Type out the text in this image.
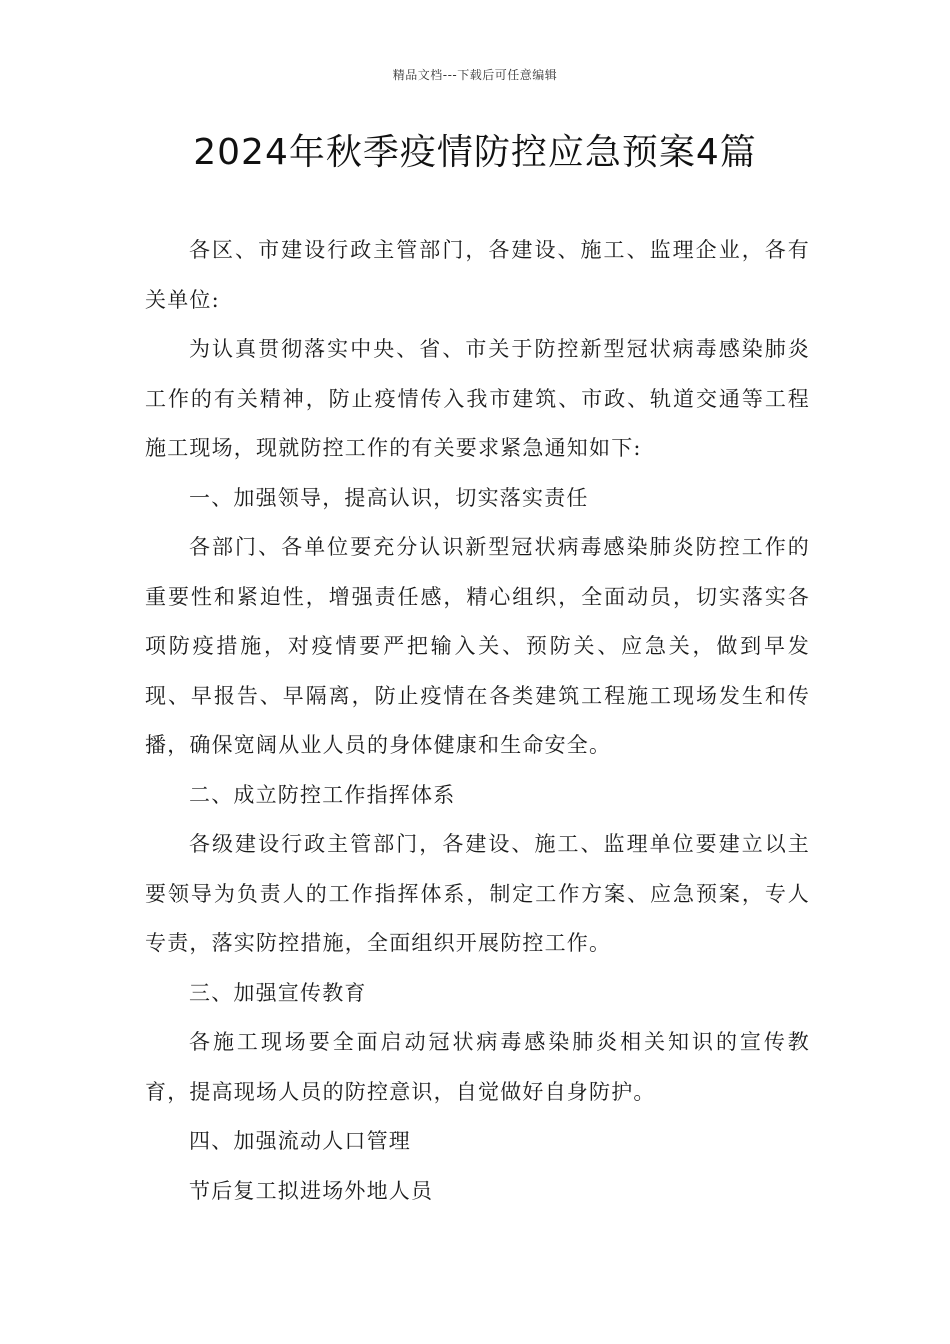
精品文档---下载后可任意编辑
2024年秋季疫情防控应急预案4篇

各区、市建设行政主管部门，各建设、施工、监理企业，各有关单位:

为认真贯彻落实中央、省、市关于防控新型冠状病毒感染肺炎工作的有关精神，防止疫情传入我市建筑、市政、轨道交通等工程施工现场，现就防控工作的有关要求紧急通知如下:

一、加强领导，提高认识，切实落实责任

各部门、各单位要充分认识新型冠状病毒感染肺炎防控工作的重要性和紧迫性，增强责任感，精心组织，全面动员，切实落实各项防疫措施，对疫情要严把输入关、预防关、应急关，做到早发现、早报告、早隔离，防止疫情在各类建筑工程施工现场发生和传播，确保宽阔从业人员的身体健康和生命安全。

二、成立防控工作指挥体系

各级建设行政主管部门，各建设、施工、监理单位要建立以主要领导为负责人的工作指挥体系，制定工作方案、应急预案，专人专责，落实防控措施，全面组织开展防控工作。

三、加强宣传教育

各施工现场要全面启动冠状病毒感染肺炎相关知识的宣传教育，提高现场人员的防控意识，自觉做好自身防护。

四、加强流动人口管理

节后复工拟进场外地人员
